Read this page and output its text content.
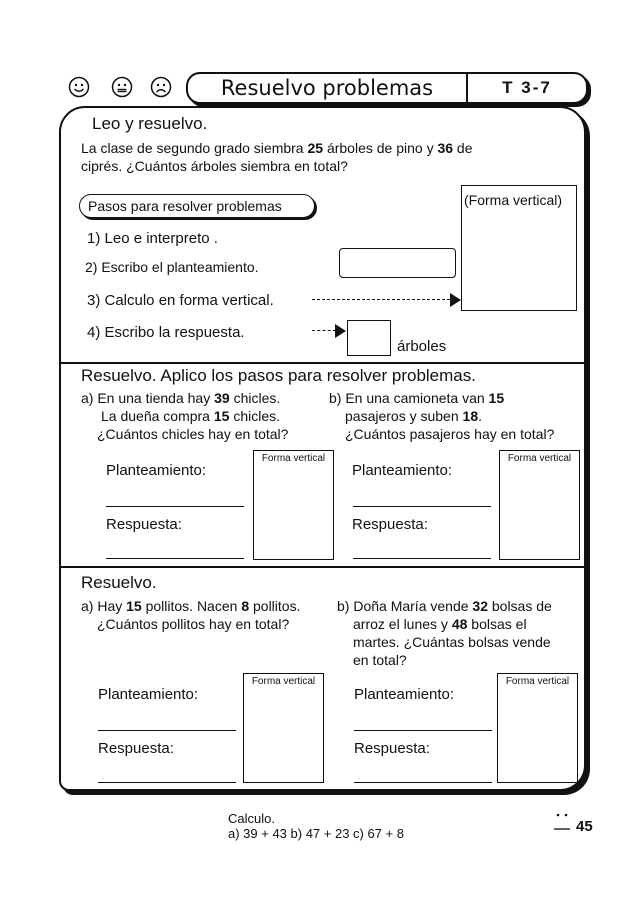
Resuelvo problemas	T 3-7
Leo y resuelvo.
La clase de segundo grado siembra 25 árboles de pino y 36 de
ciprés. ¿Cuántos árboles siembra en total?
Pasos para resolver problemas	(Forma vertical)
1) Leo e interpreto .
2) Escribo el planteamiento.
3) Calculo en forma vertical.
4) Escribo la respuesta.
árboles
Resuelvo. Aplico los pasos para resolver problemas.
a) En una tienda hay 39 chicles.
La dueña compra 15 chicles.
¿Cuántos chicles hay en total?
b) En una camioneta van 15
pasajeros y suben 18.
¿Cuántos pasajeros hay en total?
Planteamiento:
Respuesta:
Forma vertical
Planteamiento:
Respuesta:
Forma vertical
Resuelvo.
a) Hay 15 pollitos. Nacen 8 pollitos.
¿Cuántos pollitos hay en total?
b) Doña María vende 32 bolsas de
arroz el lunes y 48 bolsas el
martes. ¿Cuántas bolsas vende
en total?
Planteamiento:
Respuesta:
Forma vertical
Planteamiento:
Respuesta:
Forma vertical
Calculo.
a) 39 + 43 b) 47 + 23 c) 67 + 8	45
